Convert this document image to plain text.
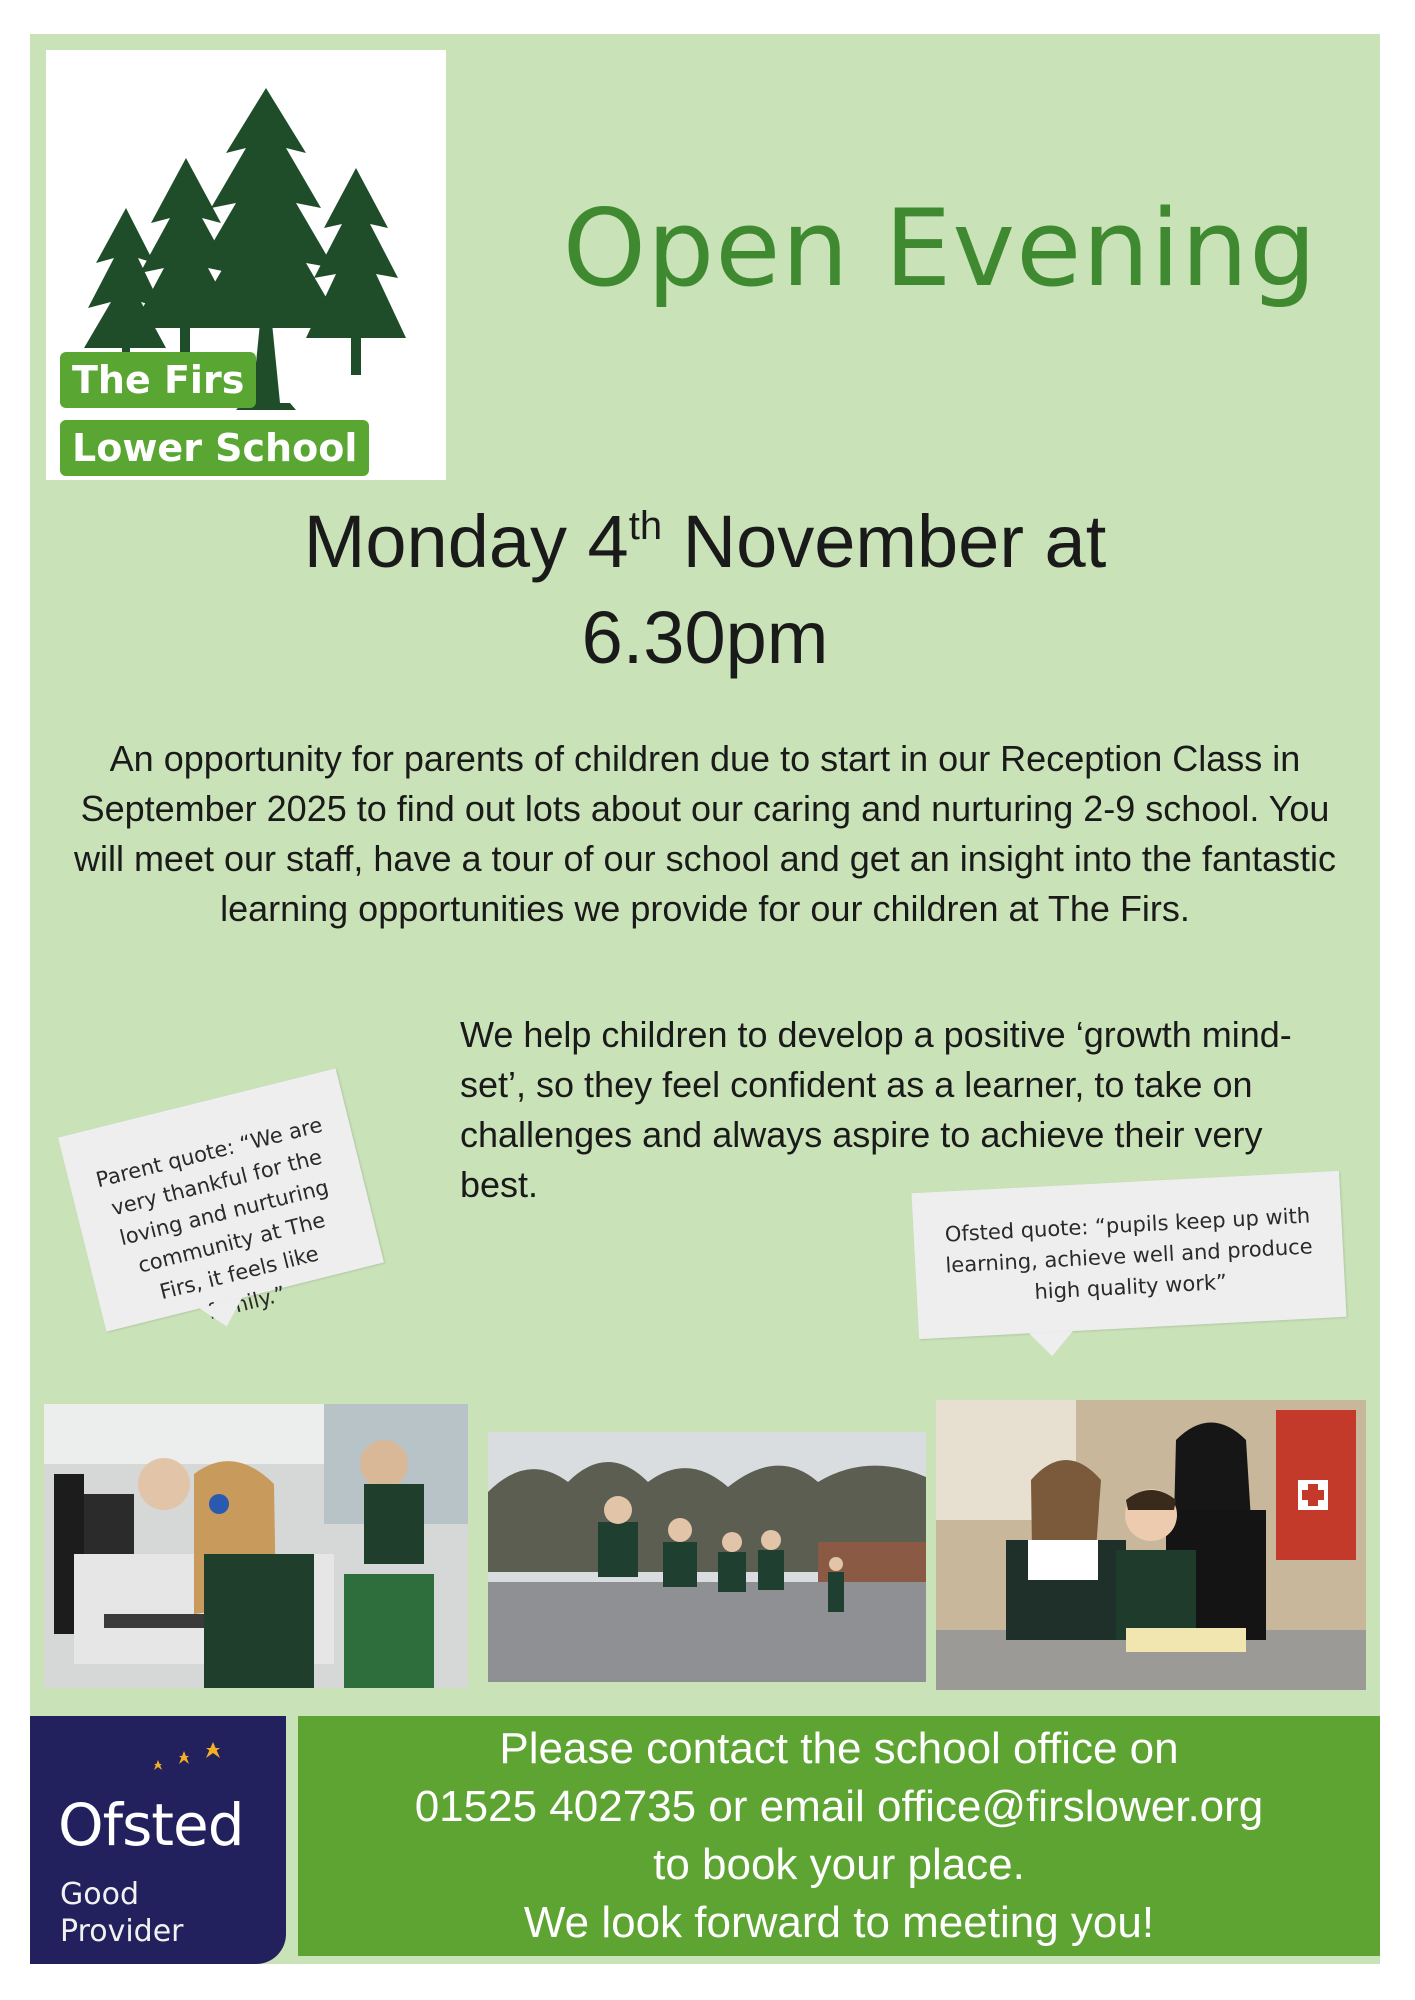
The Firs
Lower School
Open Evening
Monday 4th November at
6.30pm
An opportunity for parents of children due to start in our Reception Class in September 2025 to find out lots about our caring and nurturing 2-9 school. You will meet our staff, have a tour of our school and get an insight into the fantastic learning opportunities we provide for our children at The Firs.
We help children to develop a positive ‘growth mind-set’, so they feel confident as a learner, to take on challenges and always aspire to achieve their very best.
Parent quote: “We are very thankful for the loving and nurturing community at The Firs, it feels like family.”
Ofsted quote: “pupils keep up with learning, achieve well and produce high quality work”
Ofsted
Good
Provider
Please contact the school office on
01525 402735 or email office@firslower.org
to book your place.
We look forward to meeting you!
